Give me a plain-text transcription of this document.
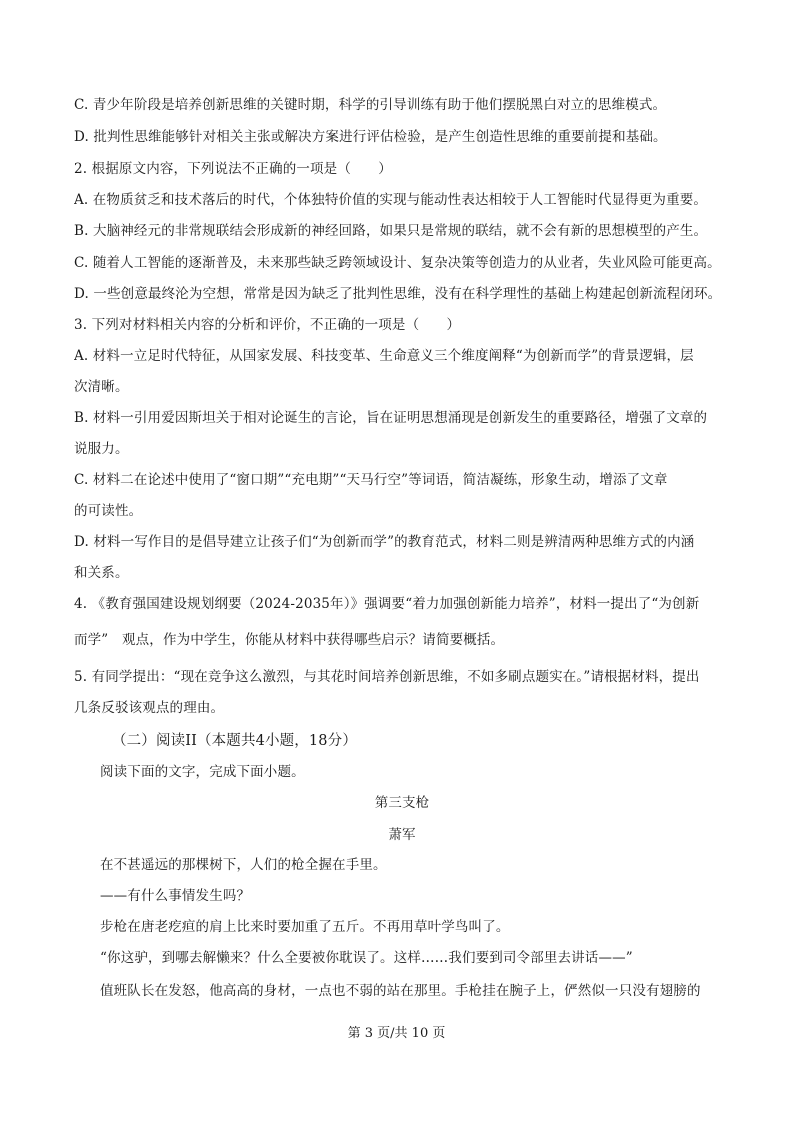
C. 青少年阶段是培养创新思维的关键时期，科学的引导训练有助于他们摆脱黑白对立的思维模式。
D. 批判性思维能够针对相关主张或解决方案进行评估检验，是产生创造性思维的重要前提和基础。
2. 根据原文内容，下列说法不正确的一项是（　　）
A. 在物质贫乏和技术落后的时代，个体独特价值的实现与能动性表达相较于人工智能时代显得更为重要。
B. 大脑神经元的非常规联结会形成新的神经回路，如果只是常规的联结，就不会有新的思想模型的产生。
C. 随着人工智能的逐渐普及，未来那些缺乏跨领域设计、复杂决策等创造力的从业者，失业风险可能更高。
D. 一些创意最终沦为空想，常常是因为缺乏了批判性思维，没有在科学理性的基础上构建起创新流程闭环。
3. 下列对材料相关内容的分析和评价，不正确的一项是（　　）
A. 材料一立足时代特征，从国家发展、科技变革、生命意义三个维度阐释“为创新而学”的背景逻辑，层
次清晰。
B. 材料一引用爱因斯坦关于相对论诞生的言论，旨在证明思想涌现是创新发生的重要路径，增强了文章的
说服力。
C. 材料二在论述中使用了“窗口期”“充电期”“天马行空”等词语，简洁凝练，形象生动，增添了文章
的可读性。
D. 材料一写作目的是倡导建立让孩子们“为创新而学”的教育范式，材料二则是辨清两种思维方式的内涵
和关系。
4. 《教育强国建设规划纲要（2024-2035年）》强调要“着力加强创新能力培养”，材料一提出了“为创新
而学”　观点，作为中学生，你能从材料中获得哪些启示？请简要概括。
5. 有同学提出：“现在竞争这么激烈，与其花时间培养创新思维，不如多刷点题实在。”请根据材料，提出
几条反驳该观点的理由。
（二）阅读II（本题共4小题，18分）
阅读下面的文字，完成下面小题。
第三支枪
萧军
在不甚遥远的那棵树下，人们的枪全握在手里。
——有什么事情发生吗？
步枪在唐老疙疸的肩上比来时要加重了五斤。不再用草叶学鸟叫了。
“你这驴，到哪去解懒来？什么全要被你耽误了。这样……我们要到司令部里去讲话——”
值班队长在发怒，他高高的身材，一点也不弱的站在那里。手枪挂在腕子上，俨然似一只没有翅膀的
第 3 页/共 10 页
